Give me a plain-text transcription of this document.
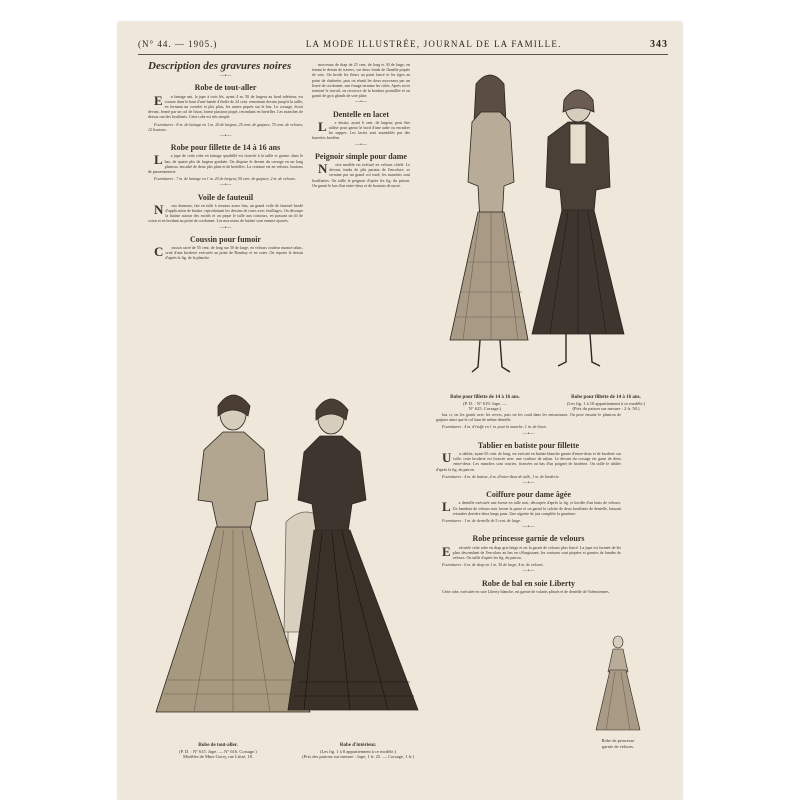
(N° 44. — 1905.)	LA MODE ILLUSTRÉE, JOURNAL DE LA FAMILLE.	343
Description des gravures noires
—•—
Robe de tout-aller

E n lainage uni, la jupe à trois lés, ayant 4 m. 50 de largeur au bord inférieur, est cousue dans le haut d'une bande d'étoffe de 24 cent. remontant devant jusqu'à la taille, en formant un corselet et plis plats, les autres piqués sur le bas. Le corsage, étroit devant, fermé par un col de linon, forme plastron piqué, retombant en bretelles. Les manches de dessus ont des bouffants. Cette robe est très simple.

Fournitures : 8 m. de lainage en 1 m. 20 de largeur, 25 cent. de guipure, 75 cent. de velours, 12 boutons.

—•—
Robe pour fillette de 14 à 16 ans

L a jupe de cette robe en lainage quadrillé est froncée à la taille et garnie, dans le bas, de quatre plis de largeur graduée. On dispose le devant du corsage en un long plastron, encadré de deux plis plats et de bretelles. La ceinture est en velours, boutons de passementerie.

Fournitures : 7 m. de lainage en 1 m. 20 de largeur, 50 cent. de guipure, 2 m. de velours.

—•—
Voile de fauteuil

N ous donnons, fait en tulle à reseaux assez fins, un grand voile de fauteuil brodé d'application de batiste, reproduisant les dessins de roses avec feuillages. On découpe la batiste autour des motifs et on pique le tulle aux contours, en passant un fil de coton et en brodant au point de cordonnet. Les morceaux de batiste sont ensuite ajourés.

—•—
Coussin pour fumoir

C oussin carré de 55 cent. de long sur 50 de large, en velours couleur nuance tabac, orné d'une broderie exécutée au point de Bombay et en soies. On reporte le dessin d'après la fig. de la planche.

morceaux de drap de 25 cent. de long et 30 de large, en tenant le dessin de travers, sur deux fonds de flanelle piqués de soie. On brode les fleurs au point lancé et les tiges au point de chaînette, puis on réunit les deux morceaux par un liseré de cordonnet, une frange termine les côtés. Après avoir terminé le travail, on recouvre de la bordure pointillée et on garnit de gros glands de soie plate.

—•—
Dentelle en lacet

L e dessin, ayant 6 cent. de largeur, peut être utilisé pour garnir le bord d'une aube ou encadrer les nappes. Les lacets sont assemblés par des barrettes brodées.

—•—
Peignoir simple pour dame

N otre modèle est exécuté en velours côtelé. Le devant, tendu de plis partant de l'encolure, se termine par un grand col rond; les manches sont bouffantes. On taille le peignoir d'après les fig. du patron. On garnit le bas d'un entre-deux et de boutons de nacre.

bas ct, on les garnit avec les revers, puis on les coud dans les entournures. On pose ensuite le plastron de guipure ainsi que le col haut de même dentelle.

Fournitures : 4 m. d'étoffe en 1 m. pour la manche, 1 m. de linon.

—•—
Tablier en batiste pour fillette

U n tablier, ayant 65 cent. de long, est exécuté en batiste blanche garnie d'entre-deux et de broderie sur tulle; cette broderie est froncée avec une coulisse de ruban. Le devant du corsage est garni de deux entre-deux. Les manches sont courtes, froncées au bas d'un poignet de broderie. On taille le tablier d'après la fig. du patron.

Fournitures : 4 m. de batiste, 4 m. d'entre-deux de tulle, 1 m. de broderie.

—•—
Coiffure pour dame âgée

L a dentelle exécutée une forme en tulle noir, découpée d'après la fig. et bordée d'un biais de velours. Un bandeau de velours noir forme la passe et on garnit la calotte de deux bouffants de dentelle, laissant retomber derrière deux longs pans. Une aigrette de jais complète la garniture.

Fournitures : 1 m. de dentelle de 5 cent. de large.

—•—
Robe princesse garnie de velours

E xécutée cette robe en drap gris beige et on la garnit de velours plus foncé. La jupe est formée de lés plats descendant de l'encolure au bas en s'élargissant; les coutures sont piquées et garnies de bandes de velours. On taille d'après les fig. du patron.

Fournitures : 6 m. de drap en 1 m. 30 de large, 4 m. de velours.

—•—
Robe de bal en soie Liberty

Cette robe, exécutée en soie Liberty blanche, est garnie de volants plissés et de dentelle de Valenciennes.

Robe pour fillette de 14 à 16 ans.
(P. D. : N° 619. Jupe. —
N° 625. Corsage.)
Robe pour fillette de 14 à 16 ans.
(Les fig. 1 à 10 appartiennent à ce modèle.)
(Prix du patron sur mesure : 2 fr. 50.)
Robe de tout-aller.
(P. D. : N° 615. Jupe. — N° 616. Corsage.)
Modèles de Mme Gorry, rue Littré, 18.
Robe d'intérieur.
(Les fig. 1 à 8 appartiennent à ce modèle.)
(Prix des patrons sur mesure : Jupe, 1 fr. 25. — Corsage, 1 fr.)
Robe de princesse
garnie de velours.
